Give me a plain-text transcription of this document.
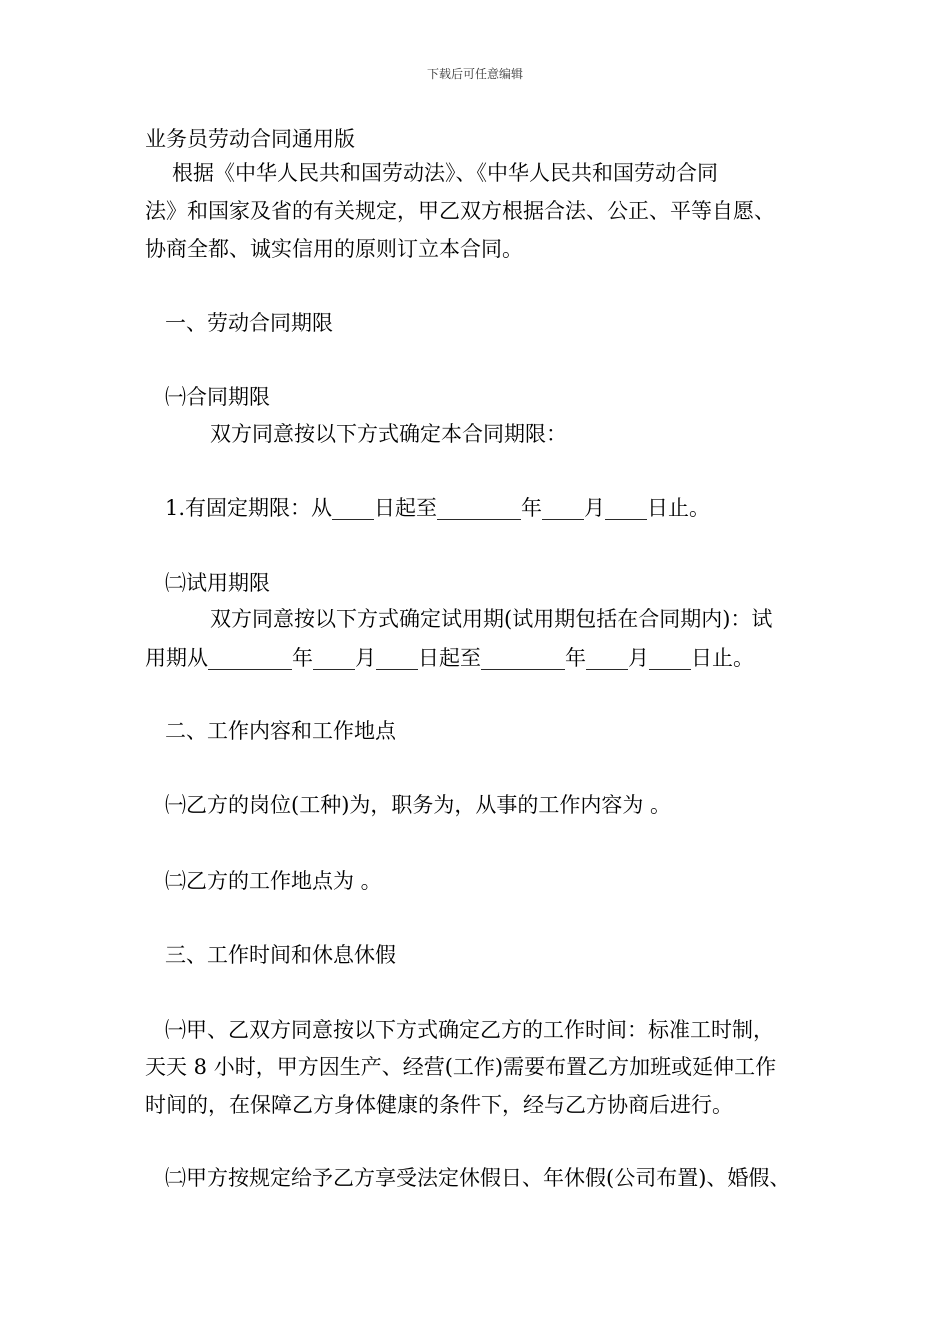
下载后可任意编辑
业务员劳动合同通用版
根据《中华人民共和国劳动法》、《中华人民共和国劳动合同
法》和国家及省的有关规定，甲乙双方根据合法、公正、平等自愿、
协商全都、诚实信用的原则订立本合同。
一、劳动合同期限
㈠合同期限
双方同意按以下方式确定本合同期限：
1.有固定期限：从____日起至________年____月____日止。
㈡试用期限
双方同意按以下方式确定试用期(试用期包括在合同期内)：试
用期从________年____月____日起至________年____月____日止。
二、工作内容和工作地点
㈠乙方的岗位(工种)为，职务为，从事的工作内容为 。
㈡乙方的工作地点为 。
三、工作时间和休息休假
㈠甲、乙双方同意按以下方式确定乙方的工作时间：标准工时制，
天天 8 小时，甲方因生产、经营(工作)需要布置乙方加班或延伸工作
时间的，在保障乙方身体健康的条件下，经与乙方协商后进行。
㈡甲方按规定给予乙方享受法定休假日、年休假(公司布置)、婚假、
